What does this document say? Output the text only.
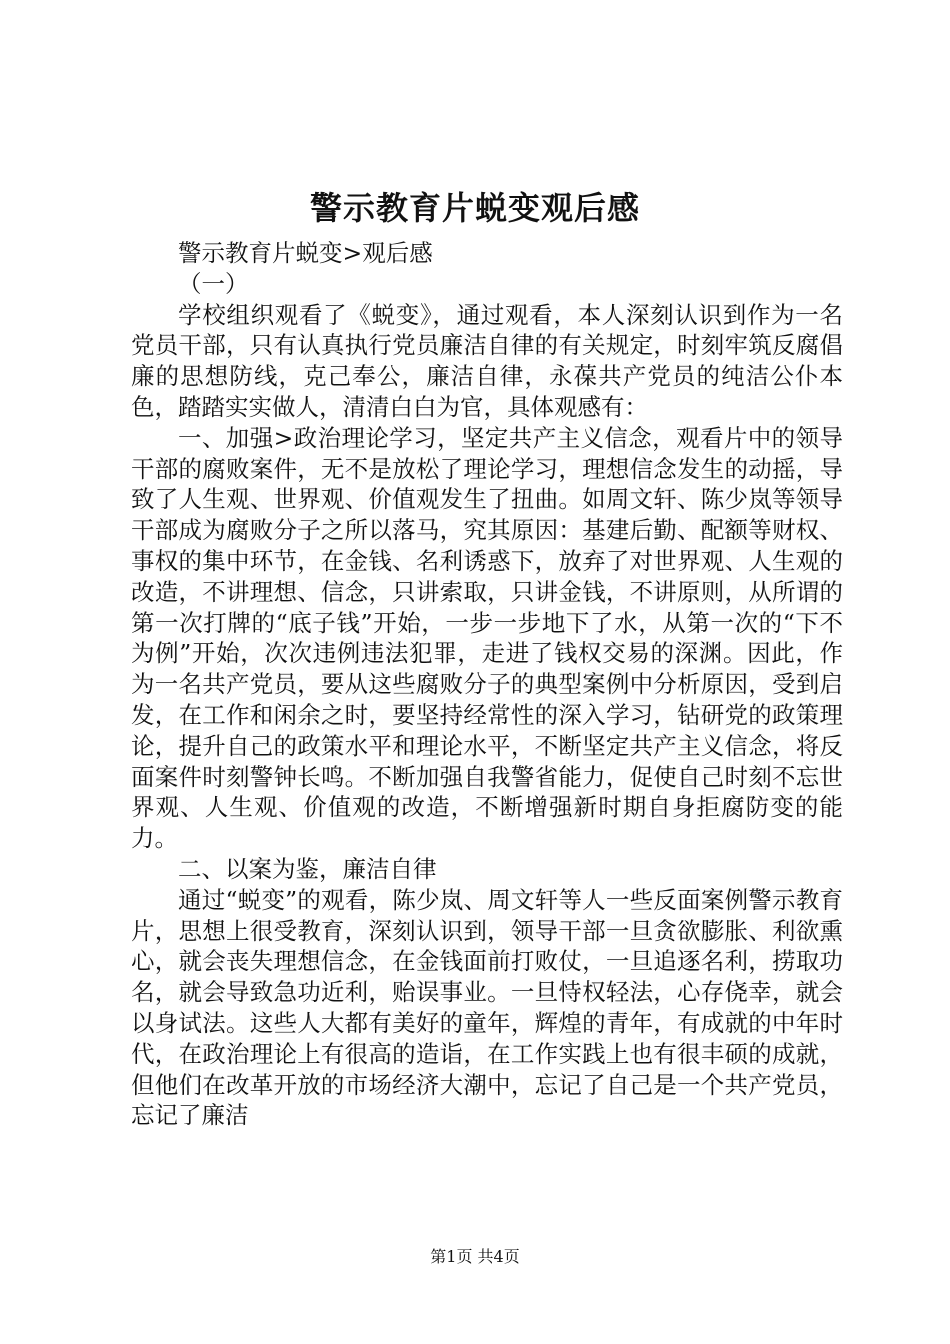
警示教育片蜕变观后感

警示教育片蜕变>观后感

（一）

学校组织观看了《蜕变》，通过观看，本人深刻认识到作为一名党员干部，只有认真执行党员廉洁自律的有关规定，时刻牢筑反腐倡廉的思想防线，克己奉公，廉洁自律，永葆共产党员的纯洁公仆本色，踏踏实实做人，清清白白为官，具体观感有：

一、加强>政治理论学习，坚定共产主义信念，观看片中的领导干部的腐败案件，无不是放松了理论学习，理想信念发生的动摇，导致了人生观、世界观、价值观发生了扭曲。如周文轩、陈少岚等领导干部成为腐败分子之所以落马，究其原因：基建后勤、配额等财权、事权的集中环节，在金钱、名利诱惑下，放弃了对世界观、人生观的改造，不讲理想、信念，只讲索取，只讲金钱，不讲原则，从所谓的第一次打牌的“底子钱”开始，一步一步地下了水，从第一次的“下不为例”开始，次次违例违法犯罪，走进了钱权交易的深渊。因此，作为一名共产党员，要从这些腐败分子的典型案例中分析原因，受到启发，在工作和闲余之时，要坚持经常性的深入学习，钻研党的政策理论，提升自己的政策水平和理论水平，不断坚定共产主义信念，将反面案件时刻警钟长鸣。不断加强自我警省能力，促使自己时刻不忘世界观、人生观、价值观的改造，不断增强新时期自身拒腐防变的能力。

二、以案为鉴，廉洁自律

通过“蜕变”的观看，陈少岚、周文轩等人一些反面案例警示教育片，思想上很受教育，深刻认识到，领导干部一旦贪欲膨胀、利欲熏心，就会丧失理想信念，在金钱面前打败仗，一旦追逐名利，捞取功名，就会导致急功近利，贻误事业。一旦恃权轻法，心存侥幸，就会以身试法。这些人大都有美好的童年，辉煌的青年，有成就的中年时代，在政治理论上有很高的造诣，在工作实践上也有很丰硕的成就，但他们在改革开放的市场经济大潮中，忘记了自己是一个共产党员，忘记了廉洁

第1页 共4页
